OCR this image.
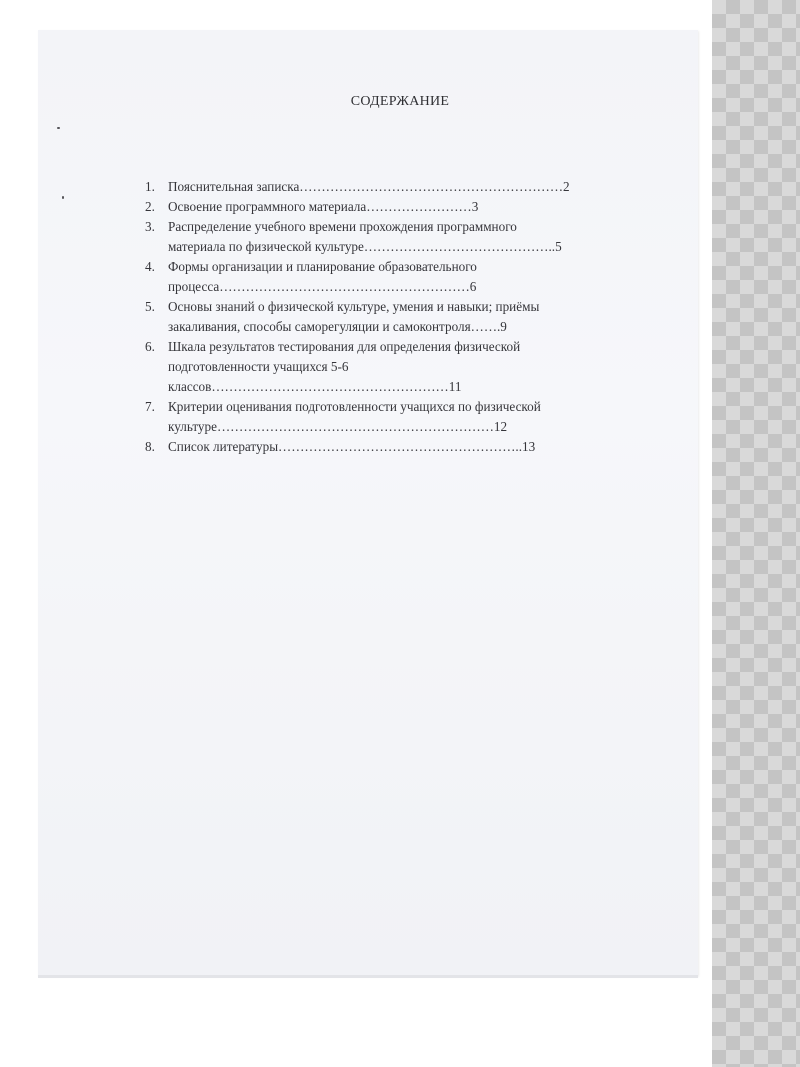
СОДЕРЖАНИЕ
1. Пояснительная записка……………………………………………………2
2. Освоение программного материала……………………3
3. Распределение учебного времени прохождения программного
материала по физической культуре……………………………………..5
4. Формы организации и планирование образовательного
процесса…………………………………………………6
5. Основы знаний о физической культуре, умения и навыки; приёмы
закаливания, способы саморегуляции и самоконтроля…….9
6. Шкала результатов тестирования для определения физической
подготовленности учащихся 5-6
классов………………………………………………11
7. Критерии оценивания подготовленности учащихся по физической
культуре………………………………………………………12
8. Список литературы………………………………………………..13
